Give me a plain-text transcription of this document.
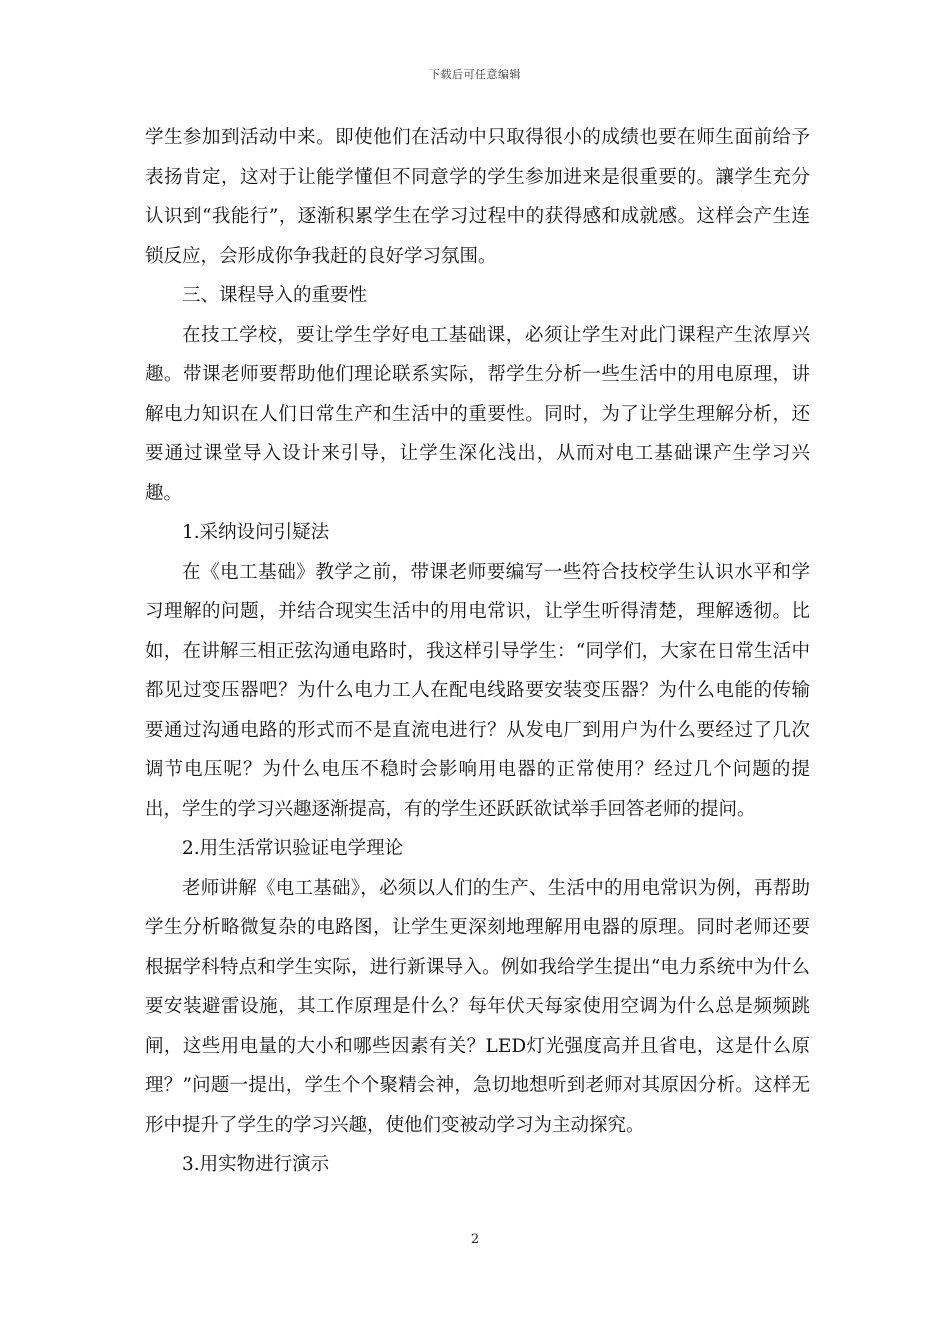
下载后可任意编辑

学生参加到活动中来。即使他们在活动中只取得很小的成绩也要在师生面前给予表扬肯定，这对于让能学懂但不同意学的学生参加进来是很重要的。讓学生充分认识到“我能行”，逐渐积累学生在学习过程中的获得感和成就感。这样会产生连锁反应，会形成你争我赶的良好学习氛围。

三、课程导入的重要性

在技工学校，要让学生学好电工基础课，必须让学生对此门课程产生浓厚兴趣。带课老师要帮助他们理论联系实际，帮学生分析一些生活中的用电原理，讲解电力知识在人们日常生产和生活中的重要性。同时，为了让学生理解分析，还要通过课堂导入设计来引导，让学生深化浅出，从而对电工基础课产生学习兴趣。

1.采纳设问引疑法

在《电工基础》教学之前，带课老师要编写一些符合技校学生认识水平和学习理解的问题，并结合现实生活中的用电常识，让学生听得清楚，理解透彻。比如，在讲解三相正弦沟通电路时，我这样引导学生：“同学们，大家在日常生活中都见过变压器吧？为什么电力工人在配电线路要安装变压器？为什么电能的传输要通过沟通电路的形式而不是直流电进行？从发电厂到用户为什么要经过了几次调节电压呢？为什么电压不稳时会影响用电器的正常使用？经过几个问题的提出，学生的学习兴趣逐渐提高，有的学生还跃跃欲试举手回答老师的提问。

2.用生活常识验证电学理论

老师讲解《电工基础》，必须以人们的生产、生活中的用电常识为例，再帮助学生分析略微复杂的电路图，让学生更深刻地理解用电器的原理。同时老师还要根据学科特点和学生实际，进行新课导入。例如我给学生提出“电力系统中为什么要安装避雷设施，其工作原理是什么？每年伏天每家使用空调为什么总是频频跳闸，这些用电量的大小和哪些因素有关？LED灯光强度高并且省电，这是什么原理？”问题一提出，学生个个聚精会神，急切地想听到老师对其原因分析。这样无形中提升了学生的学习兴趣，使他们变被动学习为主动探究。

3.用实物进行演示

2
